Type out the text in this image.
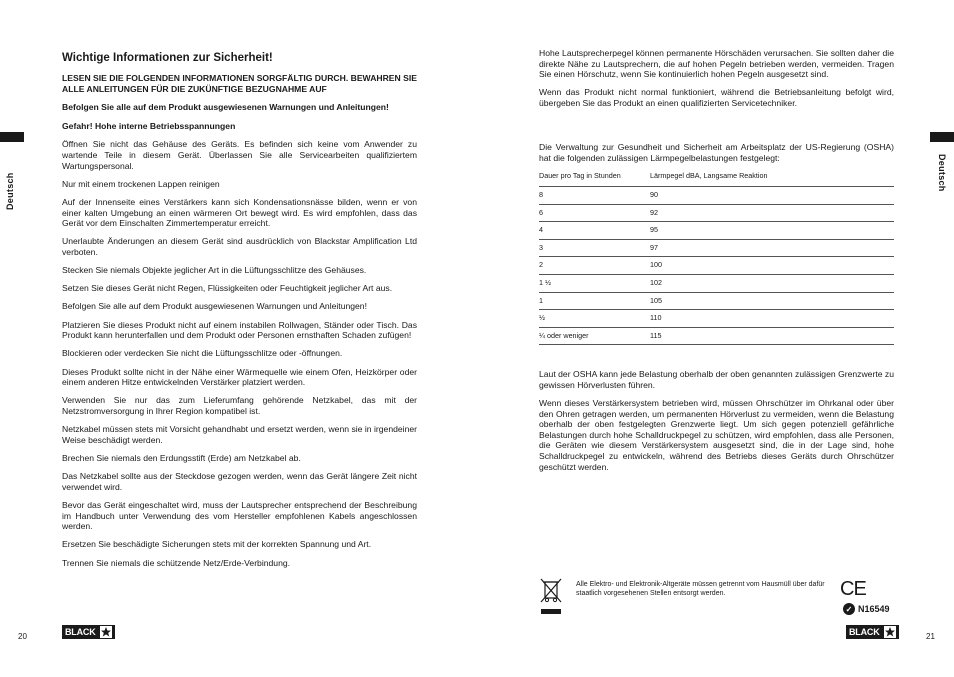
Deutsch
Wichtige Informationen zur Sicherheit!
LESEN SIE DIE FOLGENDEN INFORMATIONEN SORGFÄLTIG DURCH. BEWAHREN SIE ALLE ANLEITUNGEN FÜR DIE ZUKÜNFTIGE BEZUGNAHME AUF
Befolgen Sie alle auf dem Produkt ausgewiesenen Warnungen und Anleitungen!
Gefahr! Hohe interne Betriebsspannungen

Öffnen Sie nicht das Gehäuse des Geräts. Es befinden sich keine vom Anwender zu wartende Teile in diesem Gerät. Überlassen Sie alle Servicearbeiten qualifiziertem Wartungspersonal.

Nur mit einem trockenen Lappen reinigen

Auf der Innenseite eines Verstärkers kann sich Kondensationsnässe bilden, wenn er von einer kalten Umgebung an einen wärmeren Ort bewegt wird. Es wird empfohlen, dass das Gerät vor dem Einschalten Zimmertemperatur erreicht.

Unerlaubte Änderungen an diesem Gerät sind ausdrücklich von Blackstar Amplification Ltd verboten.

Stecken Sie niemals Objekte jeglicher Art in die Lüftungsschlitze des Gehäuses.

Setzen Sie dieses Gerät nicht Regen, Flüssigkeiten oder Feuchtigkeit jeglicher Art aus.

Befolgen Sie alle auf dem Produkt ausgewiesenen Warnungen und Anleitungen!

Platzieren Sie dieses Produkt nicht auf einem instabilen Rollwagen, Ständer oder Tisch. Das Produkt kann herunterfallen und dem Produkt oder Personen ernsthaften Schaden zufügen!

Blockieren oder verdecken Sie nicht die Lüftungsschlitze oder -öffnungen.

Dieses Produkt sollte nicht in der Nähe einer Wärmequelle wie einem Ofen, Heizkörper oder einem anderen Hitze entwickelnden Verstärker platziert werden.

Verwenden Sie nur das zum Lieferumfang gehörende Netzkabel, das mit der Netzstromversorgung in Ihrer Region kompatibel ist.

Netzkabel müssen stets mit Vorsicht gehandhabt und ersetzt werden, wenn sie in irgendeiner Weise beschädigt werden.

Brechen Sie niemals den Erdungsstift (Erde) am Netzkabel ab.

Das Netzkabel sollte aus der Steckdose gezogen werden, wenn das Gerät längere Zeit nicht verwendet wird.

Bevor das Gerät eingeschaltet wird, muss der Lautsprecher entsprechend der Beschreibung im Handbuch unter Verwendung des vom Hersteller empfohlenen Kabels angeschlossen werden.

Ersetzen Sie beschädigte Sicherungen stets mit der korrekten Spannung und Art.

Trennen Sie niemals die schützende Netz/Erde-Verbindung.

20	BLACK
Deutsch

Hohe Lautsprecherpegel können permanente Hörschäden verursachen. Sie sollten daher die direkte Nähe zu Lautsprechern, die auf hohen Pegeln betrieben werden, vermeiden. Tragen Sie einen Hörschutz, wenn Sie kontinuierlich hohen Pegeln ausgesetzt sind.

Wenn das Produkt nicht normal funktioniert, während die Betriebsanleitung befolgt wird, übergeben Sie das Produkt an einen qualifizierten Servicetechniker.

Die Verwaltung zur Gesundheit und Sicherheit am Arbeitsplatz der US-Regierung (OSHA) hat die folgenden zulässigen Lärmpegelbelastungen festgelegt:

Dauer pro Tag in Stunden	Lärmpegel dBA, Langsame Reaktion
8	90
6	92
4	95
3	97
2	100
1 ½	102
1	105
½	110
¼ oder weniger	115

Laut der OSHA kann jede Belastung oberhalb der oben genannten zulässigen Grenzwerte zu gewissen Hörverlusten führen.

Wenn dieses Verstärkersystem betrieben wird, müssen Ohrschützer im Ohrkanal oder über den Ohren getragen werden, um permanenten Hörverlust zu vermeiden, wenn die Belastung oberhalb der oben festgelegten Grenzwerte liegt. Um sich gegen potenziell gefährliche Belastungen durch hohe Schalldruckpegel zu schützen, wird empfohlen, dass alle Personen, die Geräten wie diesem Verstärkersystem ausgesetzt sind, die in der Lage sind, hohe Schalldruckpegel zu entwickeln, während des Betriebs dieses Geräts durch Ohrschützer geschützt werden.

Alle Elektro- und Elektronik-Altgeräte müssen getrennt vom Hausmüll über dafür staatlich vorgesehenen Stellen entsorgt werden.	CE
✓ N16549
BLACK	21
